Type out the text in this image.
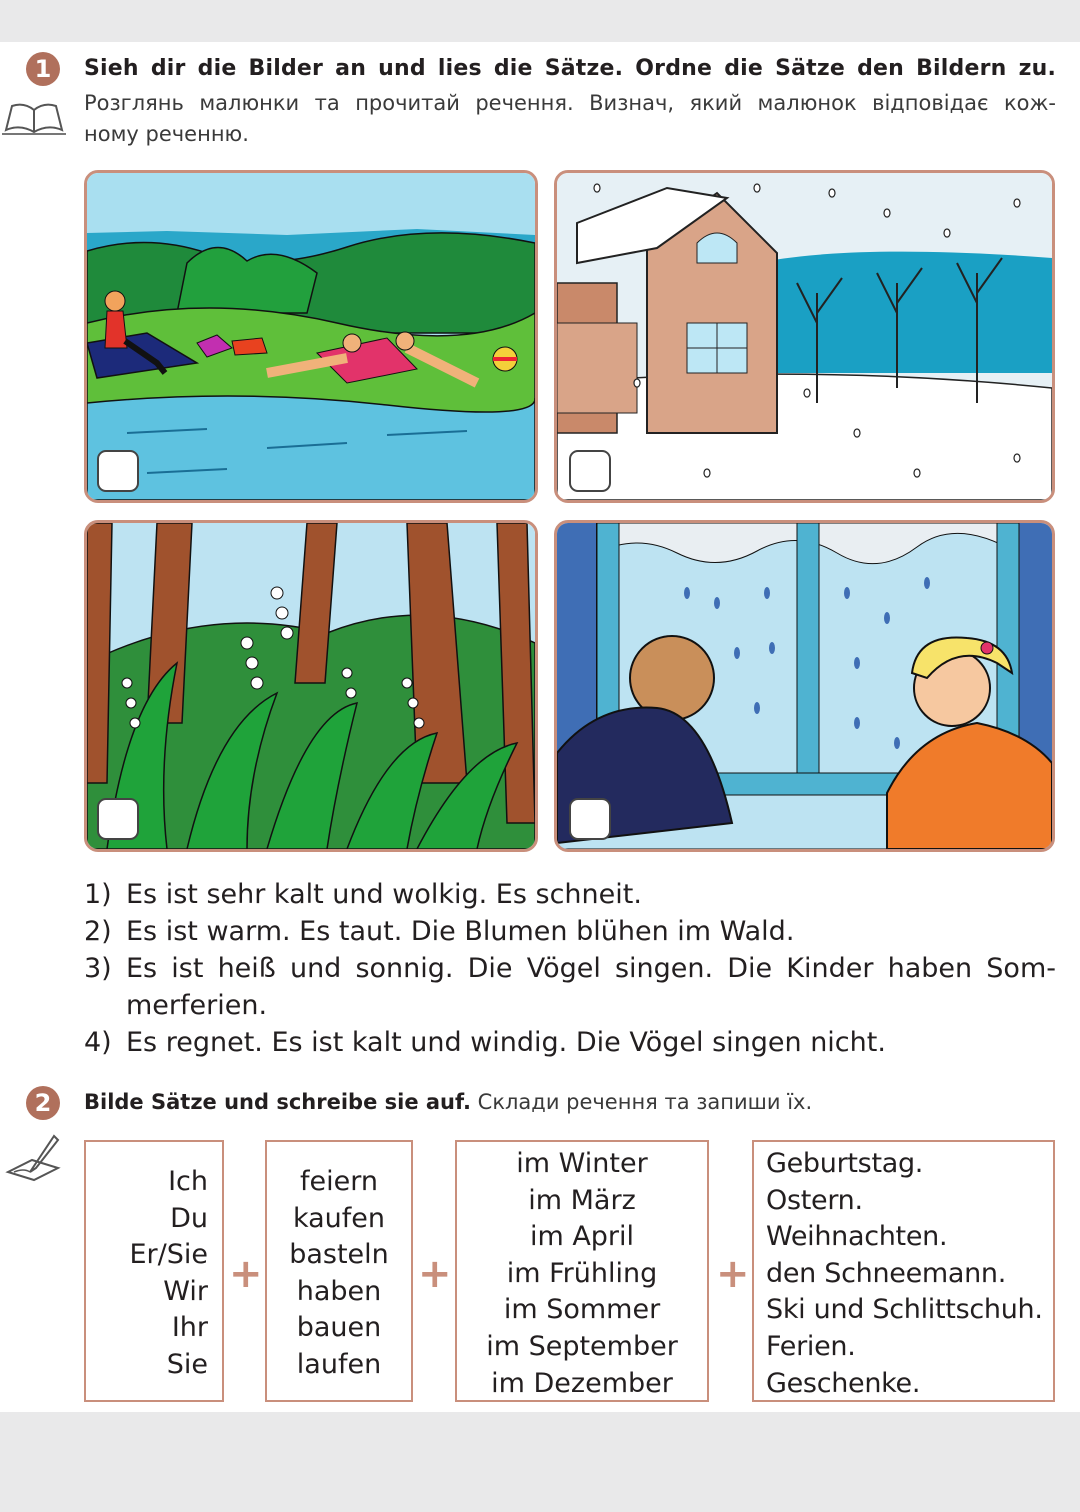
1	Sieh dir die Bilder an und lies die Sätze. Ordne die Sätze den Bildern zu.
Розглянь малюнки та прочитай речення. Визнач, який малюнок відповідає кож-
ному реченню.
1) Es ist sehr kalt und wolkig. Es schneit.
2) Es ist warm. Es taut. Die Blumen blühen im Wald.
3) Es ist heiß und sonnig. Die Vögel singen. Die Kinder haben Som-
merferien.
4) Es regnet. Es ist kalt und windig. Die Vögel singen nicht.
2	Bilde Sätze und schreibe sie auf. Склади речення та запиши їх.
Ich
Du
Er/Sie
Wir
Ihr
Sie
+
feiern
kaufen
basteln
haben
bauen
laufen
+
im Winter
im März
im April
im Frühling
im Sommer
im September
im Dezember
+
Geburtstag.
Ostern.
Weihnachten.
den Schneemann.
Ski und Schlittschuh.
Ferien.
Geschenke.
